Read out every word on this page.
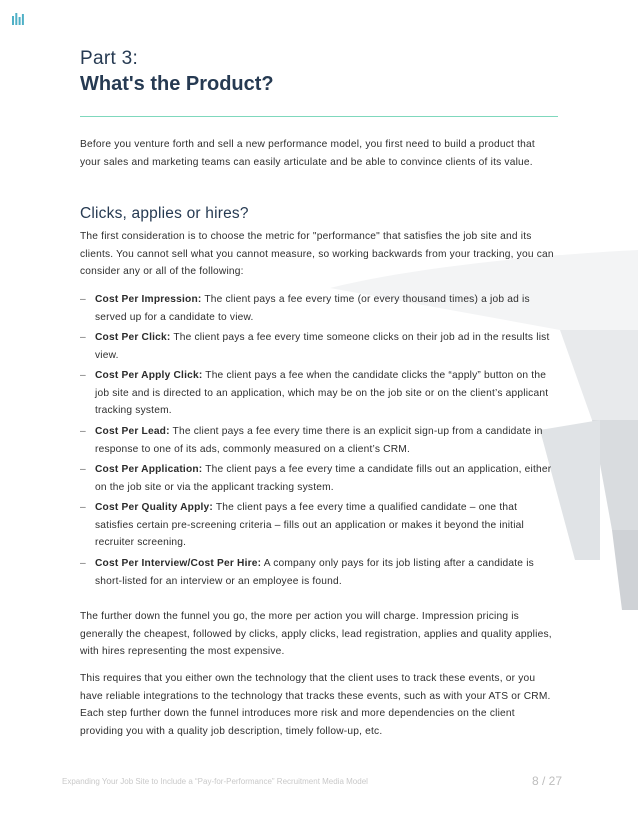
Part 3:
What's the Product?

Before you venture forth and sell a new performance model, you first need to build a product that your sales and marketing teams can easily articulate and be able to convince clients of its value.

Clicks, applies or hires?

The first consideration is to choose the metric for "performance" that satisfies the job site and its clients. You cannot sell what you cannot measure, so working backwards from your tracking, you can consider any or all of the following:

– Cost Per Impression: The client pays a fee every time (or every thousand times) a job ad is served up for a candidate to view.
– Cost Per Click: The client pays a fee every time someone clicks on their job ad in the results list view.
– Cost Per Apply Click: The client pays a fee when the candidate clicks the “apply” button on the job site and is directed to an application, which may be on the job site or on the client’s applicant tracking system.
– Cost Per Lead: The client pays a fee every time there is an explicit sign-up from a candidate in response to one of its ads, commonly measured on a client’s CRM.
– Cost Per Application: The client pays a fee every time a candidate fills out an application, either on the job site or via the applicant tracking system.
– Cost Per Quality Apply: The client pays a fee every time a qualified candidate – one that satisfies certain pre-screening criteria – fills out an application or makes it beyond the initial recruiter screening.
– Cost Per Interview/Cost Per Hire: A company only pays for its job listing after a candidate is short-listed for an interview or an employee is found.

The further down the funnel you go, the more per action you will charge. Impression pricing is generally the cheapest, followed by clicks, apply clicks, lead registration, applies and quality applies, with hires representing the most expensive.

This requires that you either own the technology that the client uses to track these events, or you have reliable integrations to the technology that tracks these events, such as with your ATS or CRM. Each step further down the funnel introduces more risk and more dependencies on the client providing you with a quality job description, timely follow-up, etc.

Expanding Your Job Site to Include a “Pay-for-Performance” Recruitment Media Model	8 / 27
